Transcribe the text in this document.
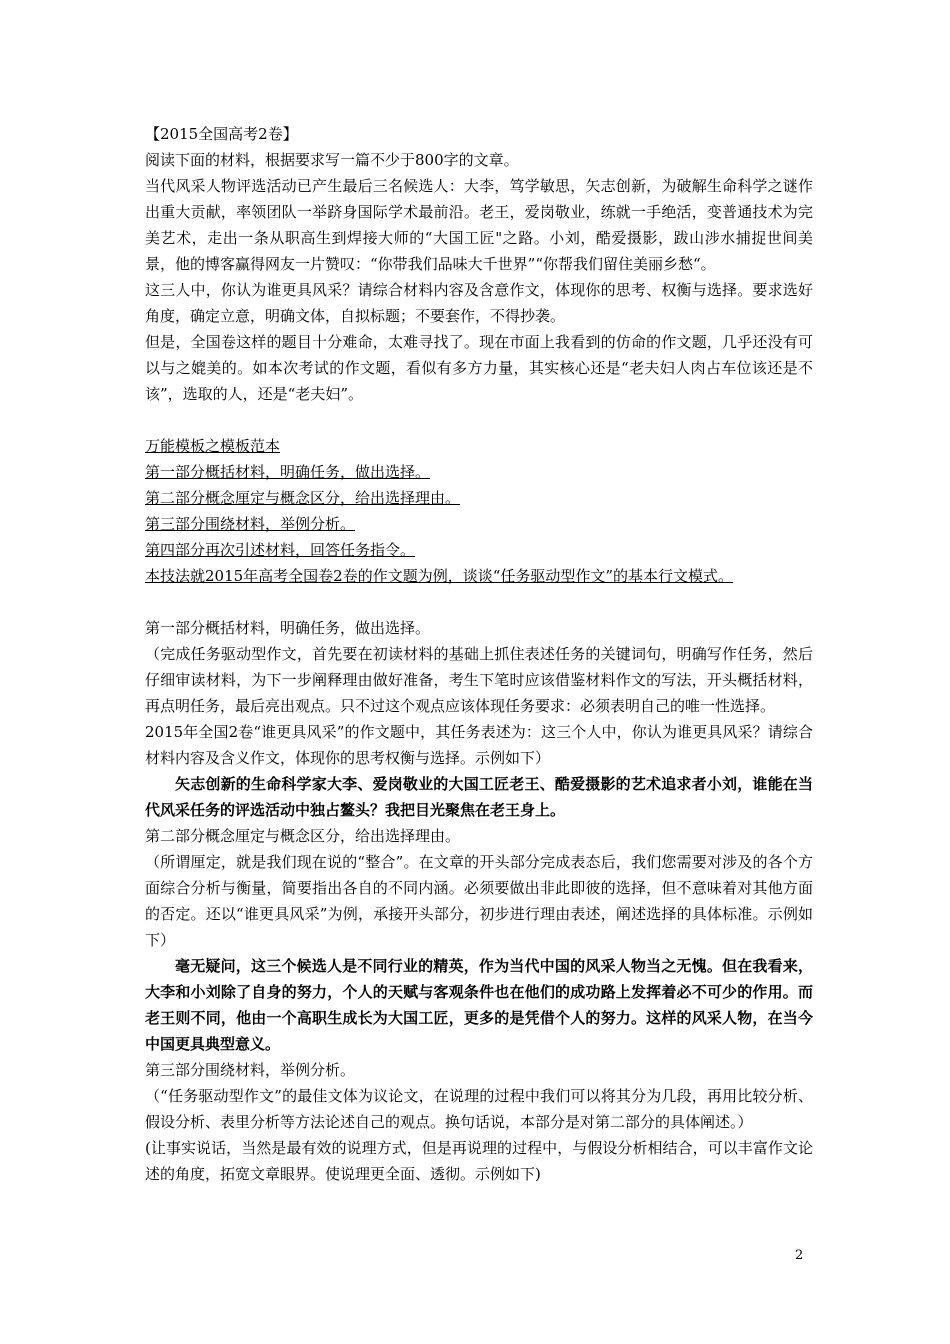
【2015全国高考2卷】

阅读下面的材料，根据要求写一篇不少于800字的文章。

当代风采人物评选活动已产生最后三名候选人：大李，笃学敏思，矢志创新，为破解生命科学之谜作出重大贡献，率领团队一举跻身国际学术最前沿。老王，爱岗敬业，练就一手绝活，变普通技术为完美艺术，走出一条从职高生到焊接大师的“大国工匠"之路。小刘，酷爱摄影，跋山涉水捕捉世间美景，他的博客赢得网友一片赞叹：“你带我们品味大千世界”“你帮我们留住美丽乡愁“。

这三人中，你认为谁更具风采？请综合材料内容及含意作文，体现你的思考、权衡与选择。要求选好角度，确定立意，明确文体，自拟标题；不要套作，不得抄袭。

但是，全国卷这样的题目十分难命，太难寻找了。现在市面上我看到的仿命的作文题，几乎还没有可以与之媲美的。如本次考试的作文题，看似有多方力量，其实核心还是“老夫妇人肉占车位该还是不该”，选取的人，还是“老夫妇”。

万能模板之模板范本

第一部分概括材料，明确任务，做出选择。

第二部分概念厘定与概念区分，给出选择理由。

第三部分围绕材料，举例分析。

第四部分再次引述材料，回答任务指令。

本技法就2015年高考全国卷2卷的作文题为例，谈谈“任务驱动型作文”的基本行文模式。

第一部分概括材料，明确任务，做出选择。

（完成任务驱动型作文，首先要在初读材料的基础上抓住表述任务的关键词句，明确写作任务，然后仔细审读材料，为下一步阐释理由做好准备，考生下笔时应该借鉴材料作文的写法，开头概括材料，再点明任务，最后亮出观点。只不过这个观点应该体现任务要求：必须表明自己的唯一性选择。

2015年全国2卷“谁更具风采”的作文题中，其任务表述为：这三个人中，你认为谁更具风采？请综合材料内容及含义作文，体现你的思考权衡与选择。示例如下）

矢志创新的生命科学家大李、爱岗敬业的大国工匠老王、酷爱摄影的艺术追求者小刘，谁能在当代风采任务的评选活动中独占鳌头？我把目光聚焦在老王身上。

第二部分概念厘定与概念区分，给出选择理由。

（所谓厘定，就是我们现在说的“整合”。在文章的开头部分完成表态后，我们您需要对涉及的各个方面综合分析与衡量，简要指出各自的不同内涵。必须要做出非此即彼的选择，但不意味着对其他方面的否定。还以“谁更具风采”为例，承接开头部分，初步进行理由表述，阐述选择的具体标准。示例如下）

毫无疑问，这三个候选人是不同行业的精英，作为当代中国的风采人物当之无愧。但在我看来，大李和小刘除了自身的努力，个人的天赋与客观条件也在他们的成功路上发挥着必不可少的作用。而老王则不同，他由一个高职生成长为大国工匠，更多的是凭借个人的努力。这样的风采人物，在当今中国更具典型意义。

第三部分围绕材料，举例分析。

（“任务驱动型作文”的最佳文体为议论文，在说理的过程中我们可以将其分为几段，再用比较分析、假设分析、表里分析等方法论述自己的观点。换句话说，本部分是对第二部分的具体阐述。）

(让事实说话，当然是最有效的说理方式，但是再说理的过程中，与假设分析相结合，可以丰富作文论述的角度，拓宽文章眼界。使说理更全面、透彻。示例如下)

2
